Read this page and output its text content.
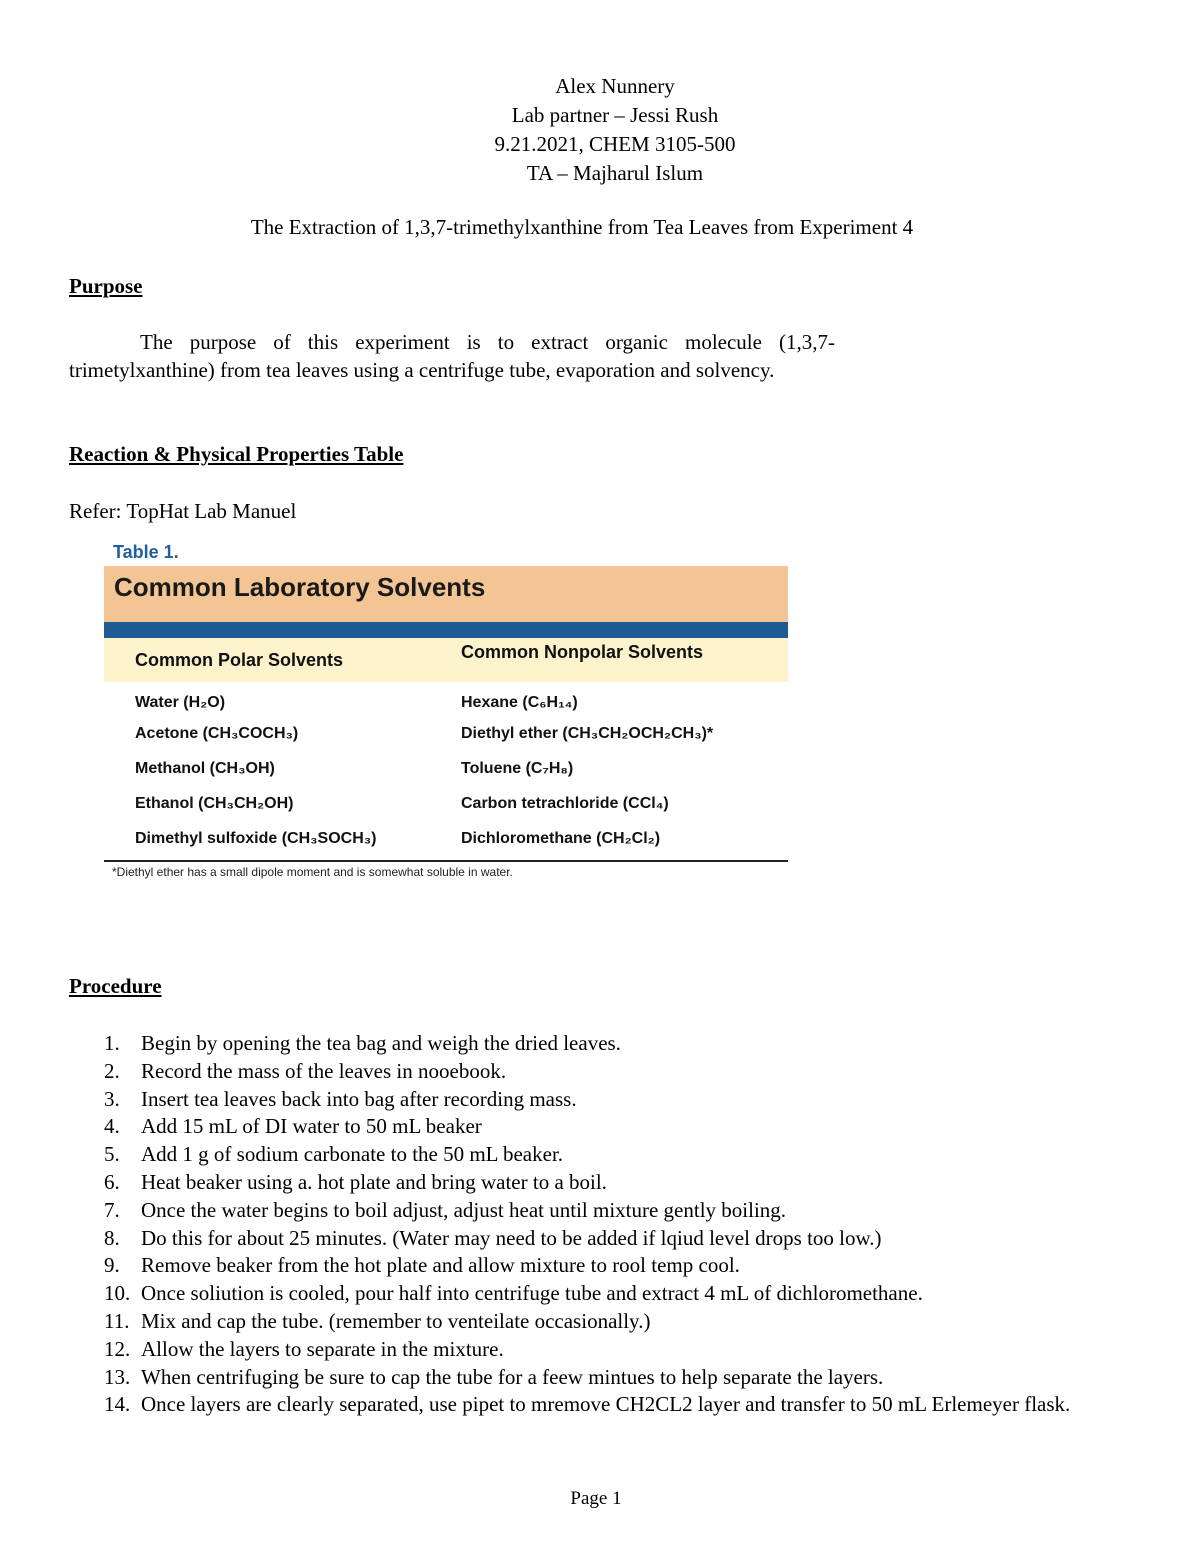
Alex Nunnery
Lab partner – Jessi Rush
9.21.2021, CHEM 3105-500
TA – Majharul Islum
The Extraction of 1,3,7-trimethylxanthine from Tea Leaves from Experiment 4
Purpose
The purpose of this experiment is to extract organic molecule (1,3,7-trimetylxanthine) from tea leaves using a centrifuge tube, evaporation and solvency.
Reaction & Physical Properties Table
Refer: TopHat Lab Manuel
Table 1.
Common Laboratory Solvents
Common Polar Solvents	Common Nonpolar Solvents
Water (H₂O)
Acetone (CH₃COCH₃)
Methanol (CH₃OH)
Ethanol (CH₃CH₂OH)
Dimethyl sulfoxide (CH₃SOCH₃)
Hexane (C₆H₁₄)
Diethyl ether (CH₃CH₂OCH₂CH₃)*
Toluene (C₇H₈)
Carbon tetrachloride (CCl₄)
Dichloromethane (CH₂Cl₂)
*Diethyl ether has a small dipole moment and is somewhat soluble in water.
Procedure
1. Begin by opening the tea bag and weigh the dried leaves.
2. Record the mass of the leaves in nooebook.
3. Insert tea leaves back into bag after recording mass.
4. Add 15 mL of DI water to 50 mL beaker
5. Add 1 g of sodium carbonate to the 50 mL beaker.
6. Heat beaker using a. hot plate and bring water to a boil.
7. Once the water begins to boil adjust, adjust heat until mixture gently boiling.
8. Do this for about 25 minutes. (Water may need to be added if lqiud level drops too low.)
9. Remove beaker from the hot plate and allow mixture to rool temp cool.
10. Once soliution is cooled, pour half into centrifuge tube and extract 4 mL of dichloromethane.
11. Mix and cap the tube. (remember to venteilate occasionally.)
12. Allow the layers to separate in the mixture.
13. When centrifuging be sure to cap the tube for a feew mintues to help separate the layers.
14. Once layers are clearly separated, use pipet to mremove CH2CL2 layer and transfer to 50 mL Erlemeyer flask.
Page 1
